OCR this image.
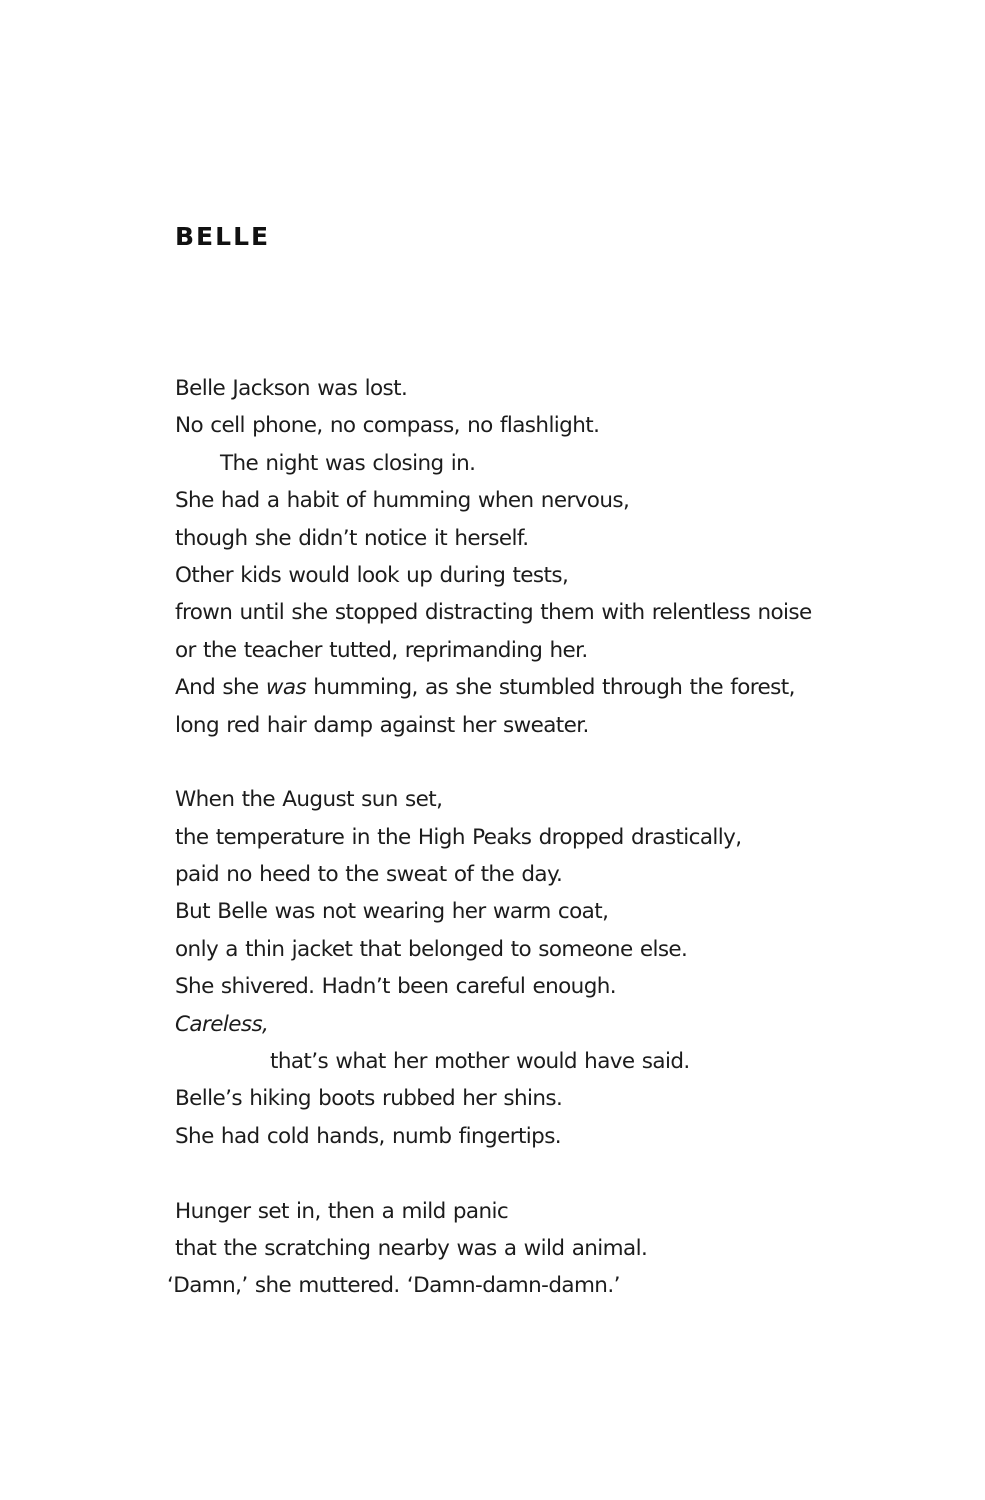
BELLE
Belle Jackson was lost.
No cell phone, no compass, no flashlight.
The night was closing in.
She had a habit of humming when nervous,
though she didn’t notice it herself.
Other kids would look up during tests,
frown until she stopped distracting them with relentless noise
or the teacher tutted, reprimanding her.
And she was humming, as she stumbled through the forest,
long red hair damp against her sweater.
When the August sun set,
the temperature in the High Peaks dropped drastically,
paid no heed to the sweat of the day.
But Belle was not wearing her warm coat,
only a thin jacket that belonged to someone else.
She shivered. Hadn’t been careful enough.
Careless,
that’s what her mother would have said.
Belle’s hiking boots rubbed her shins.
She had cold hands, numb fingertips.
Hunger set in, then a mild panic
that the scratching nearby was a wild animal.
‘Damn,’ she muttered. ‘Damn-damn-damn.’
